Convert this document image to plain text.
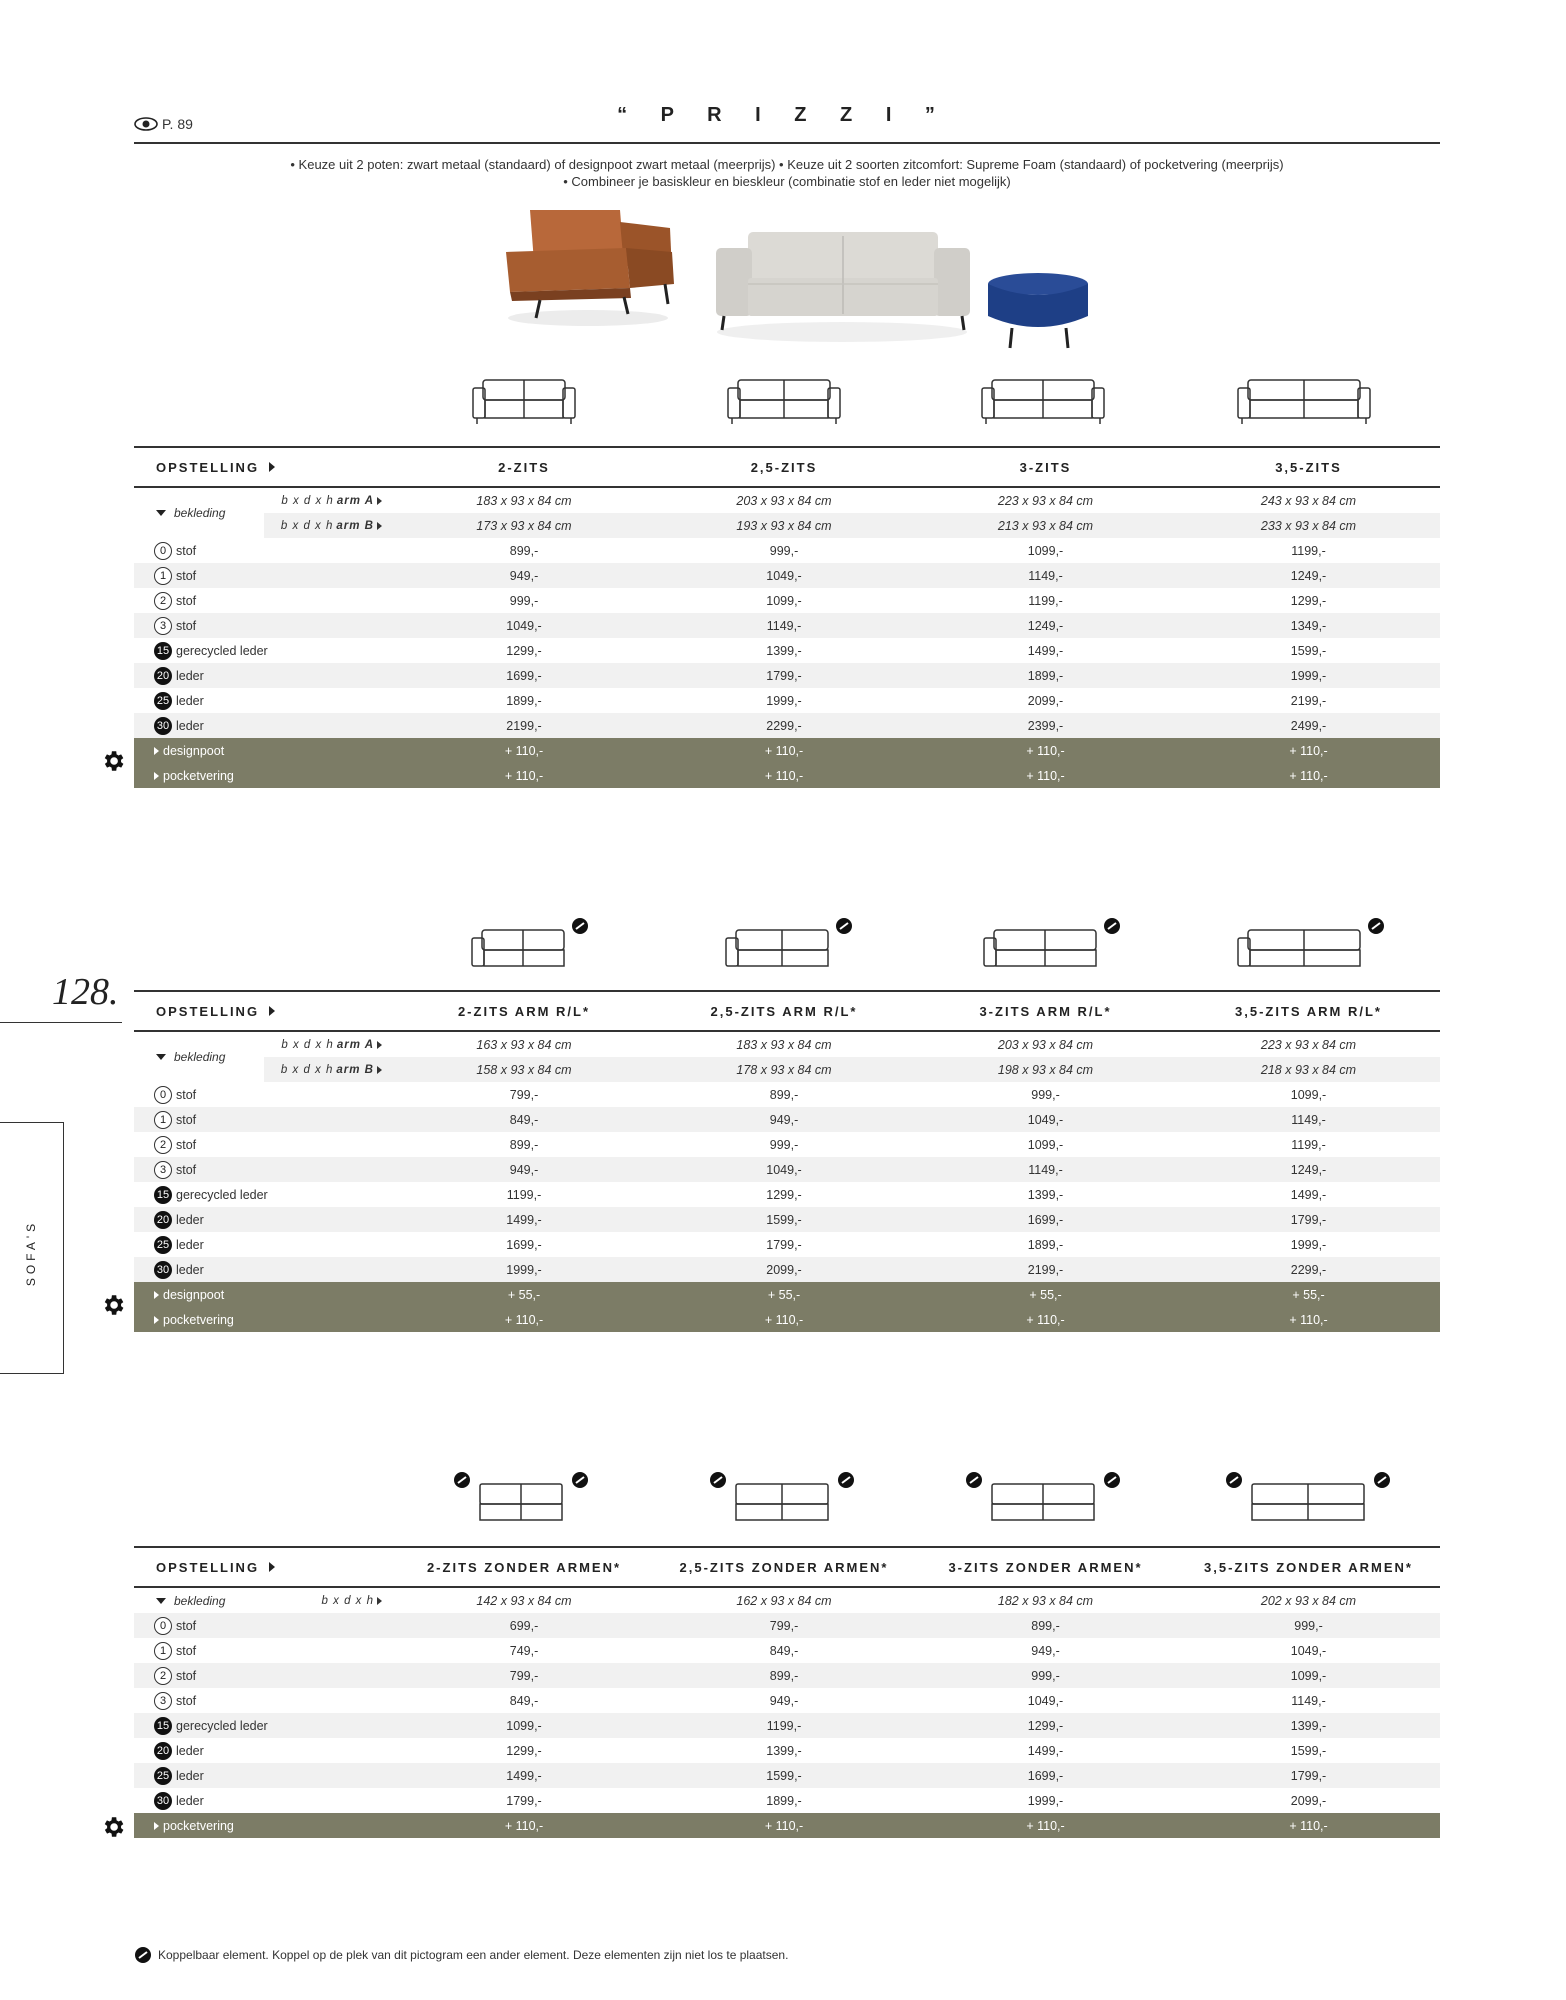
P. 89	“ P R I Z Z I ”
• Keuze uit 2 poten: zwart metaal (standaard) of designpoot zwart metaal (meerprijs) • Keuze uit 2 soorten zitcomfort: Supreme Foam (standaard) of pocketvering (meerprijs)
• Combineer je basiskleur en bieskleur (combinatie stof en leder niet mogelijk)
128.
SOFA'S
OPSTELLING		2-ZITS	2,5-ZITS	3-ZITS	3,5-ZITS

bekleding	b x d x h arm A	183 x 93 x 84 cm	203 x 93 x 84 cm	223 x 93 x 84 cm	243 x 93 x 84 cm

	b x d x h arm B	173 x 93 x 84 cm	193 x 93 x 84 cm	213 x 93 x 84 cm	233 x 93 x 84 cm

0 stof		899,-	999,-	1099,-	1199,-

1 stof		949,-	1049,-	1149,-	1249,-

2 stof		999,-	1099,-	1199,-	1299,-

3 stof		1049,-	1149,-	1249,-	1349,-

15 gerecycled leder		1299,-	1399,-	1499,-	1599,-

20 leder		1699,-	1799,-	1899,-	1999,-

25 leder		1899,-	1999,-	2099,-	2199,-

30 leder		2199,-	2299,-	2399,-	2499,-

designpoot		+ 110,-	+ 110,-	+ 110,-	+ 110,-

pocketvering		+ 110,-	+ 110,-	+ 110,-	+ 110,-
OPSTELLING		2-ZITS ARM R/L*	2,5-ZITS ARM R/L*	3-ZITS ARM R/L*	3,5-ZITS ARM R/L*

bekleding	b x d x h arm A	163 x 93 x 84 cm	183 x 93 x 84 cm	203 x 93 x 84 cm	223 x 93 x 84 cm

	b x d x h arm B	158 x 93 x 84 cm	178 x 93 x 84 cm	198 x 93 x 84 cm	218 x 93 x 84 cm

0 stof		799,-	899,-	999,-	1099,-

1 stof		849,-	949,-	1049,-	1149,-

2 stof		899,-	999,-	1099,-	1199,-

3 stof		949,-	1049,-	1149,-	1249,-

15 gerecycled leder		1199,-	1299,-	1399,-	1499,-

20 leder		1499,-	1599,-	1699,-	1799,-

25 leder		1699,-	1799,-	1899,-	1999,-

30 leder		1999,-	2099,-	2199,-	2299,-

designpoot		+ 55,-	+ 55,-	+ 55,-	+ 55,-

pocketvering		+ 110,-	+ 110,-	+ 110,-	+ 110,-
OPSTELLING		2-ZITS ZONDER ARMEN*	2,5-ZITS ZONDER ARMEN*	3-ZITS ZONDER ARMEN*	3,5-ZITS ZONDER ARMEN*

bekleding	b x d x h	142 x 93 x 84 cm	162 x 93 x 84 cm	182 x 93 x 84 cm	202 x 93 x 84 cm

0 stof		699,-	799,-	899,-	999,-

1 stof		749,-	849,-	949,-	1049,-

2 stof		799,-	899,-	999,-	1099,-

3 stof		849,-	949,-	1049,-	1149,-

15 gerecycled leder		1099,-	1199,-	1299,-	1399,-

20 leder		1299,-	1399,-	1499,-	1599,-

25 leder		1499,-	1599,-	1699,-	1799,-

30 leder		1799,-	1899,-	1999,-	2099,-

pocketvering		+ 110,-	+ 110,-	+ 110,-	+ 110,-
Koppelbaar element. Koppel op de plek van dit pictogram een ander element. Deze elementen zijn niet los te plaatsen.
